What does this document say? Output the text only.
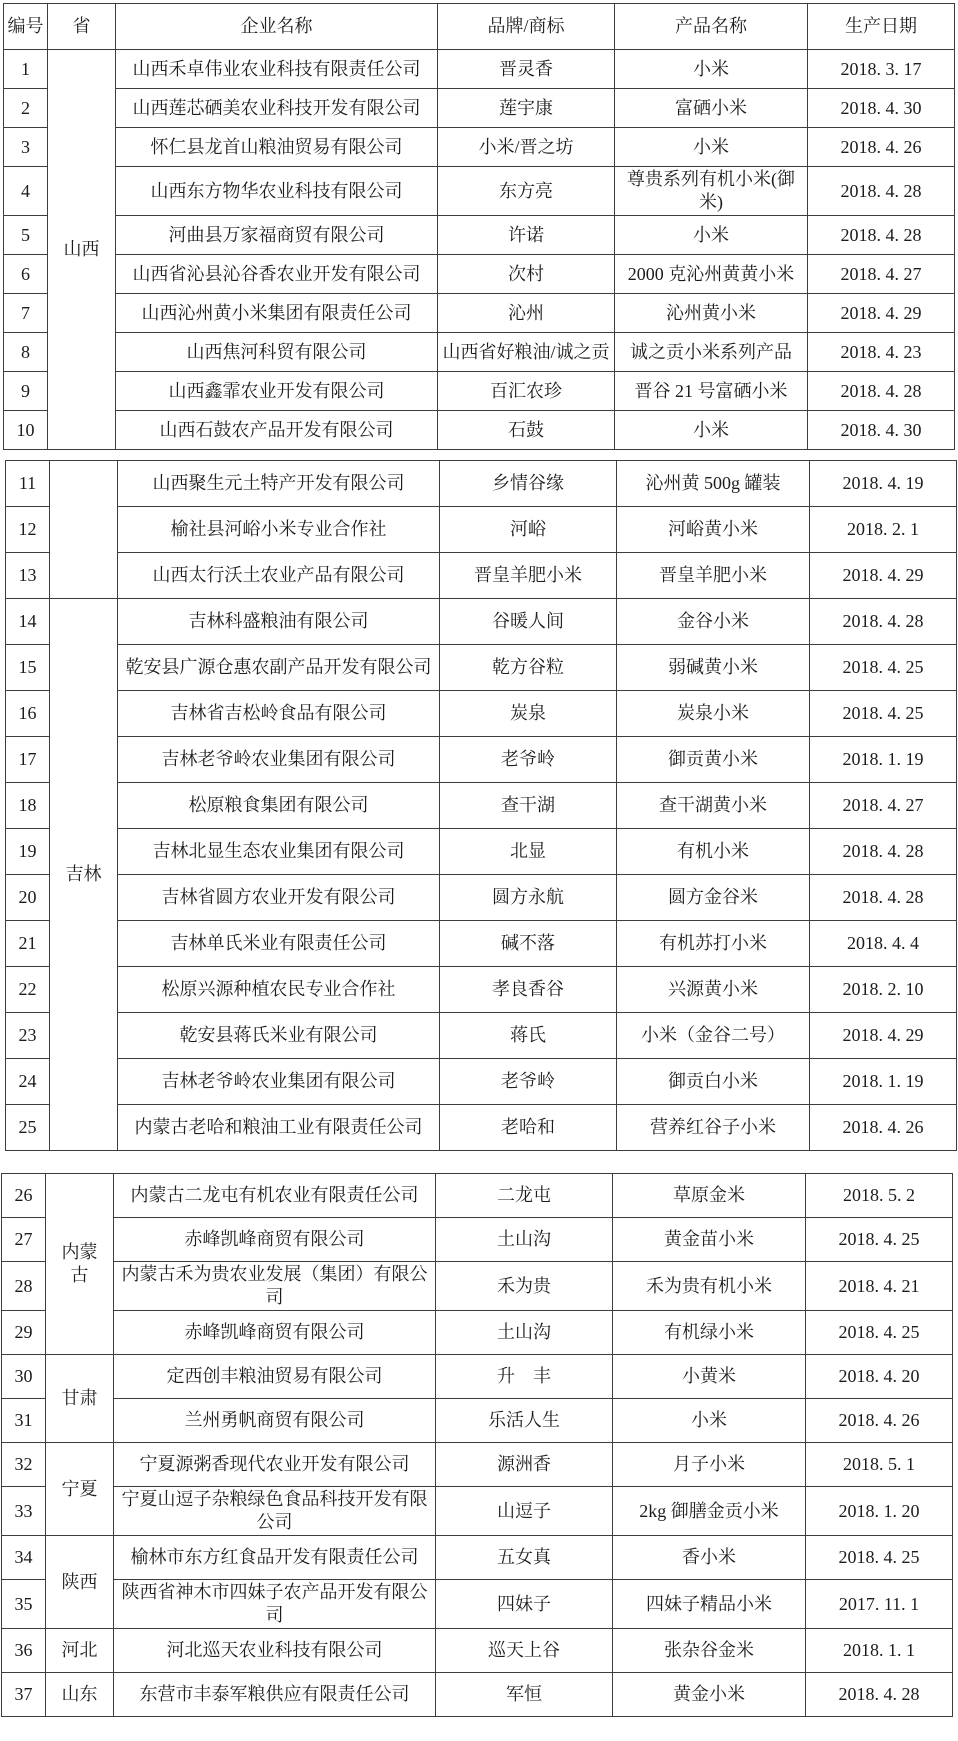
编号	省	企业名称	品牌/商标	产品名称	生产日期
1	山西	山西禾卓伟业农业科技有限责任公司	晋灵香	小米	2018. 3. 17
2		山西莲芯硒美农业科技开发有限公司	莲宇康	富硒小米	2018. 4. 30
3		怀仁县龙首山粮油贸易有限公司	小米/晋之坊	小米	2018. 4. 26
4		山西东方物华农业科技有限公司	东方亮	尊贵系列有机小米(御米)	2018. 4. 28
5		河曲县万家福商贸有限公司	许诺	小米	2018. 4. 28
6		山西省沁县沁谷香农业开发有限公司	次村	2000 克沁州黄黄小米	2018. 4. 27
7		山西沁州黄小米集团有限责任公司	沁州	沁州黄小米	2018. 4. 29
8		山西焦河科贸有限公司	山西省好粮油/诚之贡	诚之贡小米系列产品	2018. 4. 23
9		山西鑫霏农业开发有限公司	百汇农珍	晋谷 21 号富硒小米	2018. 4. 28
10		山西石鼓农产品开发有限公司	石鼓	小米	2018. 4. 30
11		山西聚生元土特产开发有限公司	乡情谷缘	沁州黄 500g 罐装	2018. 4. 19
12		榆社县河峪小米专业合作社	河峪	河峪黄小米	2018. 2. 1
13		山西太行沃土农业产品有限公司	晋皇羊肥小米	晋皇羊肥小米	2018. 4. 29
14	吉林	吉林科盛粮油有限公司	谷暖人间	金谷小米	2018. 4. 28
15		乾安县广源仓惠农副产品开发有限公司	乾方谷粒	弱碱黄小米	2018. 4. 25
16		吉林省吉松岭食品有限公司	炭泉	炭泉小米	2018. 4. 25
17		吉林老爷岭农业集团有限公司	老爷岭	御贡黄小米	2018. 1. 19
18		松原粮食集团有限公司	查干湖	查干湖黄小米	2018. 4. 27
19		吉林北显生态农业集团有限公司	北显	有机小米	2018. 4. 28
20		吉林省圆方农业开发有限公司	圆方永航	圆方金谷米	2018. 4. 28
21		吉林单氏米业有限责任公司	碱不落	有机苏打小米	2018. 4. 4
22		松原兴源种植农民专业合作社	孝良香谷	兴源黄小米	2018. 2. 10
23		乾安县蒋氏米业有限公司	蒋氏	小米（金谷二号）	2018. 4. 29
24		吉林老爷岭农业集团有限公司	老爷岭	御贡白小米	2018. 1. 19
25		内蒙古老哈和粮油工业有限责任公司	老哈和	营养红谷子小米	2018. 4. 26
26	内蒙古	内蒙古二龙屯有机农业有限责任公司	二龙屯	草原金米	2018. 5. 2
27		赤峰凯峰商贸有限公司	土山沟	黄金苗小米	2018. 4. 25
28		内蒙古禾为贵农业发展（集团）有限公司	禾为贵	禾为贵有机小米	2018. 4. 21
29		赤峰凯峰商贸有限公司	土山沟	有机绿小米	2018. 4. 25
30	甘肃	定西创丰粮油贸易有限公司	升　丰	小黄米	2018. 4. 20
31		兰州勇帆商贸有限公司	乐活人生	小米	2018. 4. 26
32	宁夏	宁夏源粥香现代农业开发有限公司	源洲香	月子小米	2018. 5. 1
33		宁夏山逗子杂粮绿色食品科技开发有限公司	山逗子	2kg 御膳金贡小米	2018. 1. 20
34	陕西	榆林市东方红食品开发有限责任公司	五女真	香小米	2018. 4. 25
35		陕西省神木市四妹子农产品开发有限公司	四妹子	四妹子精品小米	2017. 11. 1
36	河北	河北巡天农业科技有限公司	巡天上谷	张杂谷金米	2018. 1. 1
37	山东	东营市丰泰军粮供应有限责任公司	军恒	黄金小米	2018. 4. 28
